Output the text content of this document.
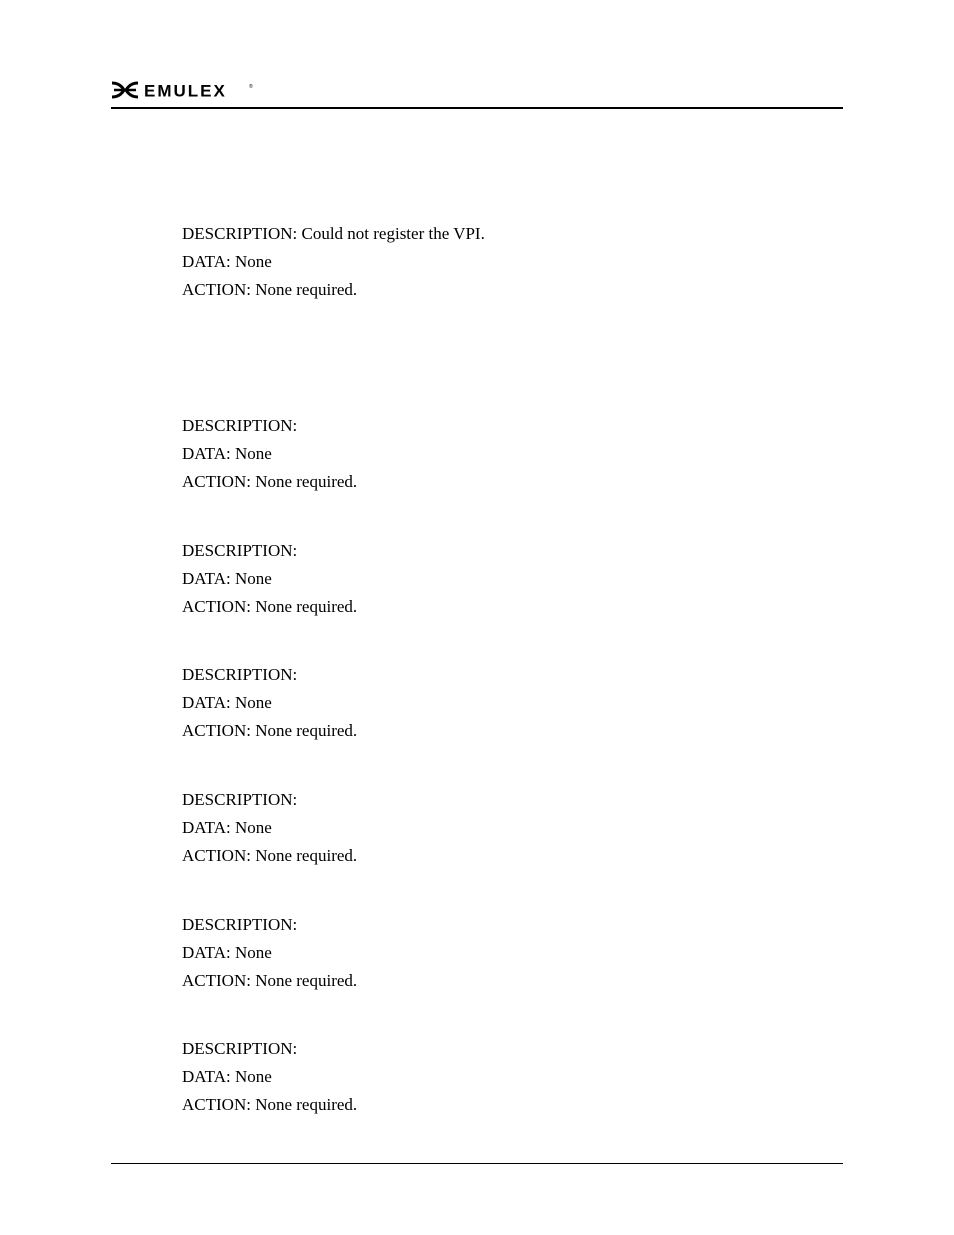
EMULEX	®
DESCRIPTION: Could not register the VPI.
DATA: None
ACTION: None required.
DESCRIPTION:
DATA: None
ACTION: None required.
DESCRIPTION:
DATA: None
ACTION: None required.
DESCRIPTION:
DATA: None
ACTION: None required.
DESCRIPTION:
DATA: None
ACTION: None required.
DESCRIPTION:
DATA: None
ACTION: None required.
DESCRIPTION:
DATA: None
ACTION: None required.
